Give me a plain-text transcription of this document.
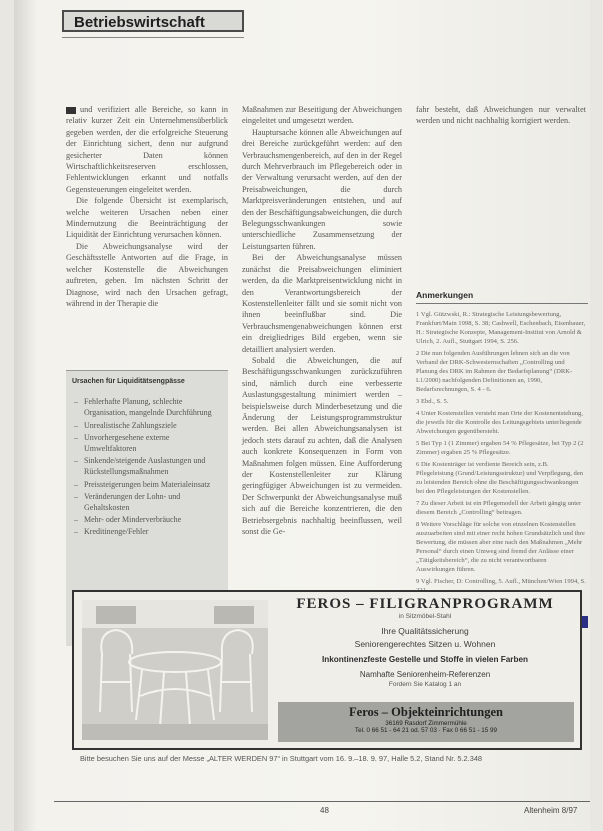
Betriebswirtschaft

und verifiziert alle Bereiche, so kann in relativ kurzer Zeit ein Unternehmensüberblick gegeben werden, der die erfolgreiche Steuerung der Einrichtung sichert, denn nur aufgrund gesicherter Daten können Wirtschaftlichkeitsreserven erschlossen, Fehlentwicklungen erkannt und notfalls Gegensteuerungen eingeleitet werden.

Die folgende Übersicht ist exemplarisch, welche weiteren Ursachen neben einer Mindernutzung die Beeinträchtigung der Liquidität der Einrichtung verursachen können.

Die Abweichungsanalyse wird der Geschäftsstelle Antworten auf die Frage, in welcher Kostenstelle die Abweichungen auftreten, geben. Im nächsten Schritt der Diagnose, wird nach den Ursachen gefragt, während in der Therapie die

Ursachen für Liquiditätsengpässe
– Fehlerhafte Planung, schlechte Organisation, mangelnde Durchführung
– Unrealistische Zahlungsziele
– Unvorhergesehene externe Umweltfaktoren
– Sinkende/steigende Auslastungen und Rückstellungsmaßnahmen
– Preissteigerungen beim Materialeinsatz
– Veränderungen der Lohn- und Gehaltskosten
– Mehr- oder Minderverbräuche
– Kreditinenge/Fehler

Maßnahmen zur Beseitigung der Abweichungen eingeleitet und umgesetzt werden.

Hauptursache können alle Abweichungen auf drei Bereiche zurückgeführt werden: auf den Verbrauchsmengenbereich, auf den in der Regel durch Mehrverbrauch im Pflegebereich oder in der Verwaltung verursacht werden, auf den der Preisabweichungen, die durch Marktpreisveränderungen entstehen, und auf den der Beschäftigungsabweichungen, die durch Belegungsschwankungen sowie unterschiedliche Zusammensetzung der Leistungsarten führen.

Bei der Abweichungsanalyse müssen zunächst die Preisabweichungen eliminiert werden, da die Marktpreisentwicklung nicht in den Verantwortungsbereich der Kostenstellenleiter fällt und sie somit nicht von ihnen beeinflußbar sind. Die Verbrauchsmengenabweichungen können erst ein dreigliedriges Bild ergeben, wenn sie detailliert analysiert werden.

Sobald die Abweichungen, die auf Beschäftigungsschwankungen zurückzuführen sind, nämlich durch eine verbesserte Auslastungsgestaltung minimiert werden – beispielsweise durch Minderbesetzung und die Änderung der Leistungsprogrammstruktur werden. Bei allen Abweichungsanalysen ist jedoch stets darauf zu achten, daß die Analysen auch konkrete Konsequenzen in Form von Maßnahmen folgen müssen. Eine Aufforderung der Kostenstellenleiter zur Klärung geringfügiger Abweichungen ist zu vermeiden. Der Schwerpunkt der Abweichungsanalyse muß sich auf die Bereiche konzentrieren, die den Betriebsergebnis nachhaltig beeinflussen, weil sonst die Ge-

fahr besteht, daß Abweichungen nur verwaltet werden und nicht nachhaltig korrigiert werden.

Anmerkungen

1 Vgl. Gützwski, R.: Strategische Leistungsbewertung, Frankfurt/Main 1998, S. 38; Cashwell, Eschenbach, Eisenbauer, H.: Strategische Konzepte, Management-Institut von Arnold & Ulrich, 2. Aufl., Stuttgart 1994, S. 256.

2 Die nun folgenden Ausführungen lehnen sich an die von Verband der DRK-Schwesternschaften „Controlling und Planung des DRK im Rahmen der Bedarfsplanung“ (DRK-L1/2000) nachfolgenden Definitionen an, 1990, Bedarfsrechnungen, S. 4 - 6.

3 Ebd., S. 5.

4 Unter Kostenstellen versteht man Orte der Kostenentstehung, die jeweils für die Kontrolle des Leitungsgebiets unterliegende Abweichungen gegenübersteht.

5 Bei Typ 1 (1 Zimmer) ergaben 54 % Pflegesätze, bei Typ 2 (2 Zimmer) ergaben 25 % Pflegesätze.

6 Die Kostenträger ist verdiente Bereich sein, z.B. Pflegeleistung (Grund/Leistungsstruktur) und Verpflegung, den zu leistenden Bereich ohne die Beschäftigungsschwankungen bei den Pflegeleistungen der Kostenstellen.

7 Zu dieser Arbeit ist ein Pflegemodell der Arbeit gängig unter diesem Bereich „Controlling“ beitragen.

8 Weitere Vorschläge für solche von einzelnen Kostenstellen auszuarbeiten sind mit einer recht hohen Grundsätzlich und ihre Bewertung, die müssen aber eine nach den Maßnahmen „Mehr Personal“ durch einen Umweg sind fremd der Anlässe einer „Tätigkeitsbereich“, die zu nicht verantwortbaren Auswirkungen führen.

9 Vgl. Fischer, D: Controlling, 5. Aufl., München/Wien 1994, S.

FEROS – FILIGRANPROGRAMM
in Sitzmöbel-Stahl
Ihre Qualitätssicherung
Seniorengerechtes Sitzen u. Wohnen
Inkontinenzfeste Gestelle und Stoffe in vielen Farben
Namhafte Seniorenheim-Referenzen
Fordern Sie Katalog 1 an
Feros – Objekteinrichtungen
36169 Rasdorf Zimmermühle
Tel. 0 66 51 - 64 21 od. 57 03 · Fax 0 66 51 - 15 99
Bitte besuchen Sie uns auf der Messe „ALTER WERDEN 97“ in Stuttgart vom 16. 9.–18. 9. 97, Halle 5.2, Stand Nr. 5.2.348
48	Altenheim 8/97
